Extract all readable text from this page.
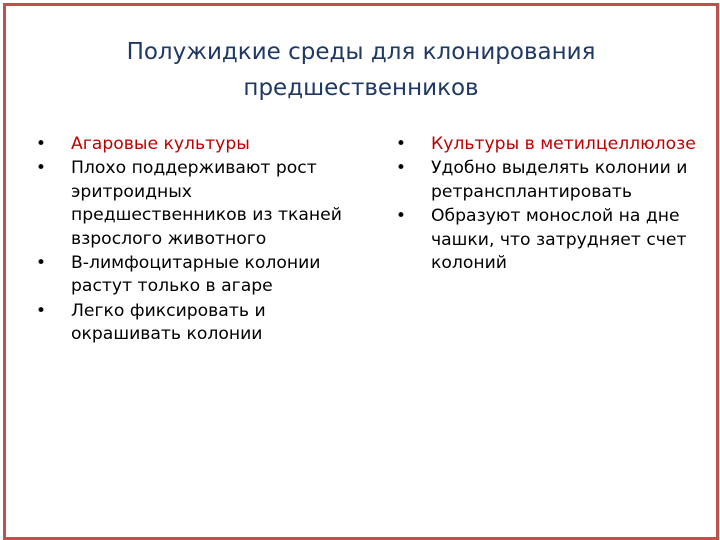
Полужидкие среды для клонирования
предшественников
• Агаровые культуры
• Плохо поддерживают рост эритроидных предшественников из тканей взрослого животного
• В-лимфоцитарные колонии растут только в агаре
• Легко фиксировать и окрашивать колонии
• Культуры в метилцеллюлозе
• Удобно выделять колонии и ретрансплантировать
• Образуют монослой на дне чашки, что затрудняет счет колоний
